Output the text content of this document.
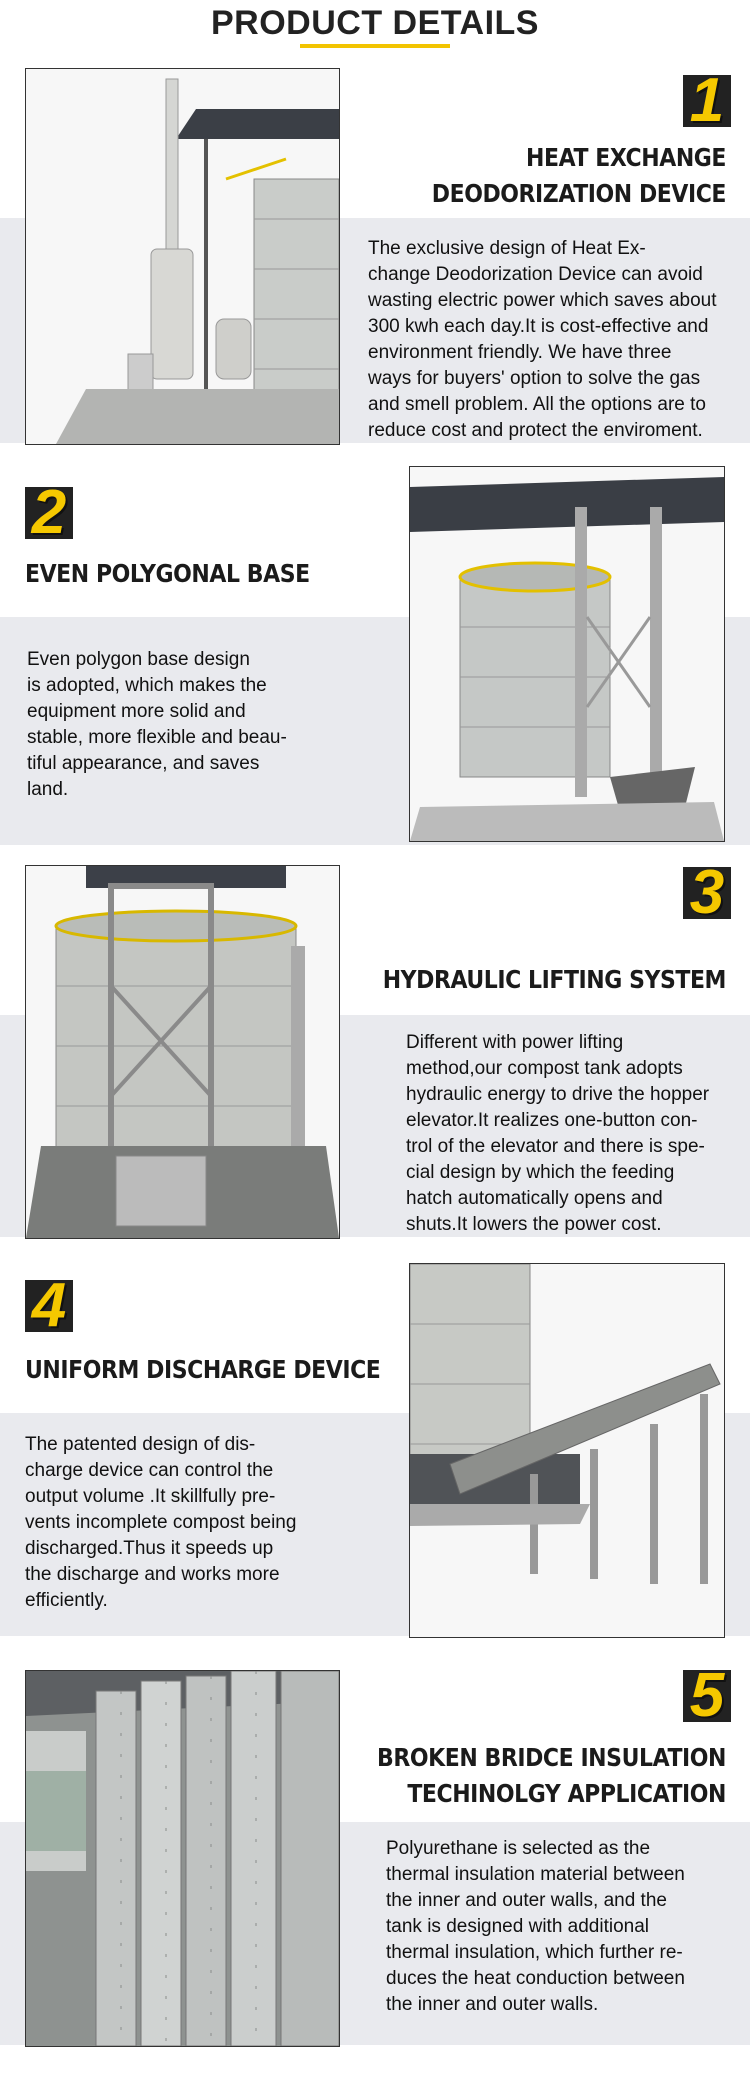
PRODUCT DETAILS
1
HEAT EXCHANGE
DEODORIZATION DEVICE
The exclusive design of Heat Ex-
change Deodorization Device can avoid
wasting electric power which saves about
300 kwh each day.It is cost-effective and
environment friendly. We have three
ways for buyers' option to solve the gas
and smell problem. All the options are to
reduce cost and protect the enviroment.
2
EVEN POLYGONAL BASE
Even polygon base design
is adopted, which makes the
equipment more solid and
stable, more flexible and beau-
tiful appearance, and saves
land.
3
HYDRAULIC LIFTING SYSTEM
Different with power lifting
method,our compost tank adopts
hydraulic energy to drive the hopper
elevator.It realizes one-button con-
trol of the elevator and there is spe-
cial design by which the feeding
hatch automatically opens and
shuts.It lowers the power cost.
4
UNIFORM DISCHARGE DEVICE
The patented design of dis-
charge device can control the
output volume .It skillfully pre-
vents incomplete compost being
discharged.Thus it speeds up
the discharge and works more
efficiently.
5
BROKEN BRIDCE INSULATION
TECHINOLGY APPLICATION
Polyurethane is selected as the
thermal insulation material between
the inner and outer walls, and the
tank is designed with additional
thermal insulation, which further re-
duces the heat conduction between
the inner and outer walls.
